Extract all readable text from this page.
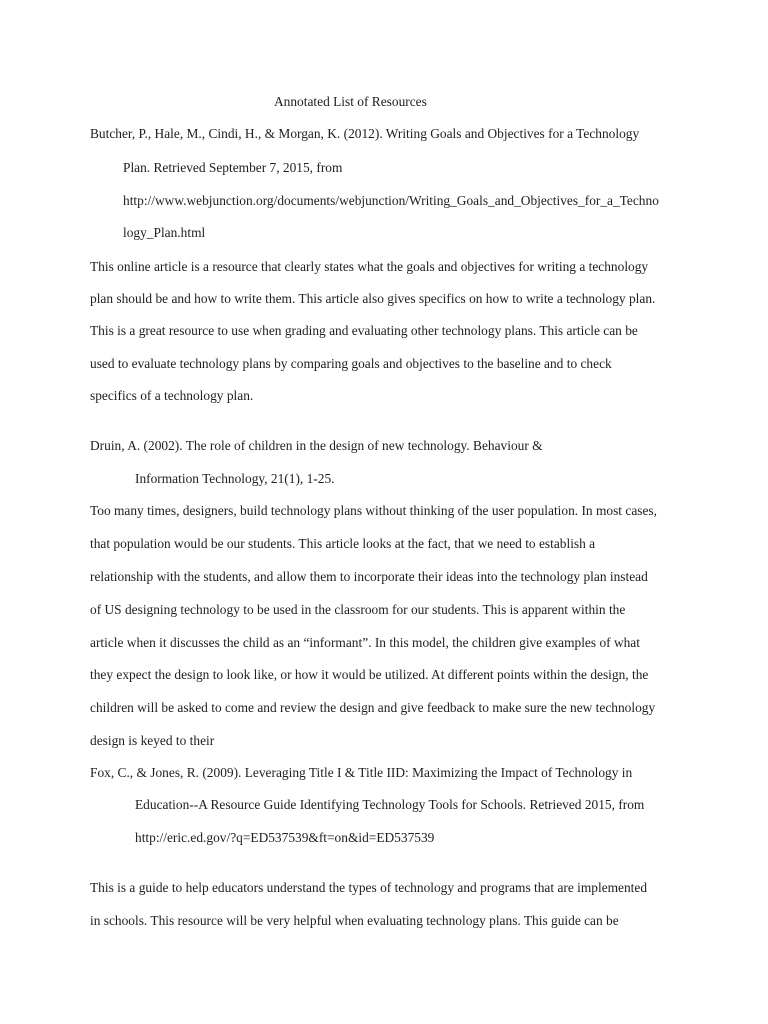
Annotated List of Resources
Butcher, P., Hale, M., Cindi, H., & Morgan, K. (2012). Writing Goals and Objectives for a Technology
Plan. Retrieved September 7, 2015, from
http://www.webjunction.org/documents/webjunction/Writing_Goals_and_Objectives_for_a_Techno
logy_Plan.html
This online article is a resource that clearly states what the goals and objectives for writing a technology
plan should be and how to write them. This article also gives specifics on how to write a technology plan.
This is a great resource to use when grading and evaluating other technology plans. This article can be
used to evaluate technology plans by comparing goals and objectives to the baseline and to check
specifics of a technology plan.
Druin, A. (2002). The role of children in the design of new technology. Behaviour &
Information Technology, 21(1), 1-25.
Too many times, designers, build technology plans without thinking of the user population. In most cases,
that population would be our students. This article looks at the fact, that we need to establish a
relationship with the students, and allow them to incorporate their ideas into the technology plan instead
of US designing technology to be used in the classroom for our students. This is apparent within the
article when it discusses the child as an “informant”. In this model, the children give examples of what
they expect the design to look like, or how it would be utilized. At different points within the design, the
children will be asked to come and review the design and give feedback to make sure the new technology
design is keyed to their
Fox, C., & Jones, R. (2009). Leveraging Title I & Title IID: Maximizing the Impact of Technology in
Education--A Resource Guide Identifying Technology Tools for Schools. Retrieved 2015, from
http://eric.ed.gov/?q=ED537539&ft=on&id=ED537539
This is a guide to help educators understand the types of technology and programs that are implemented
in schools. This resource will be very helpful when evaluating technology plans. This guide can be
